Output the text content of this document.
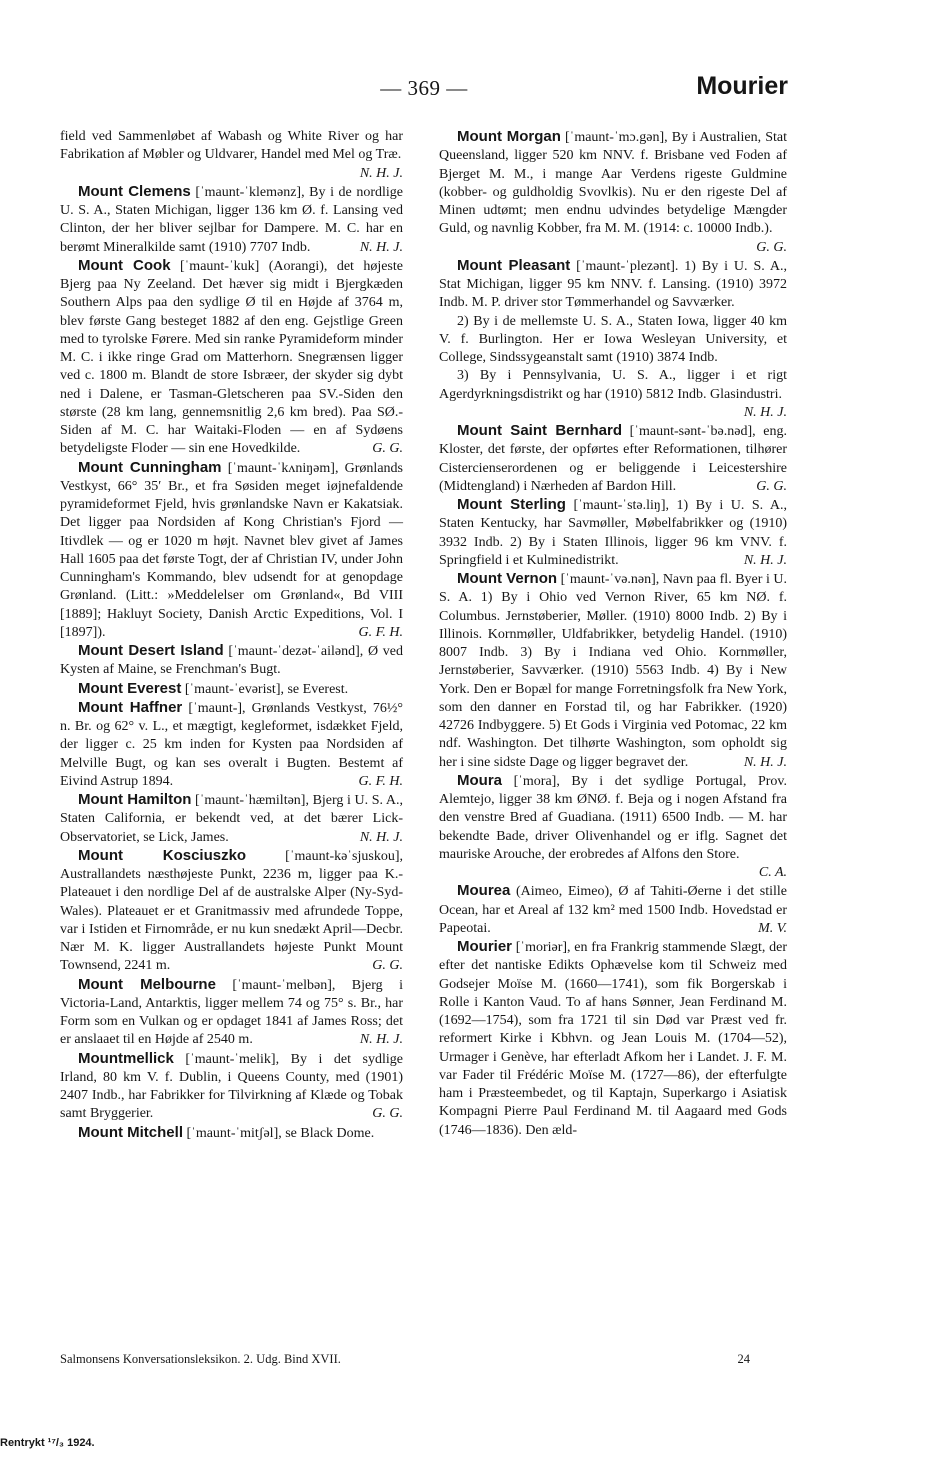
— 369 —	Mourier

field ved Sammenløbet af Wabash og White River og har Fabrikation af Møbler og Uldvarer, Handel med Mel og Træ.
N. H. J.

Mount Clemens [ˈmaunt-ˈklemənz], By i de nordlige U. S. A., Staten Michigan, ligger 136 km Ø. f. Lansing ved Clinton, der her bliver sejlbar for Dampere. M. C. har en berømt Mineralkilde samt (1910) 7707 Indb.	N. H. J.

Mount Cook [ˈmaunt-ˈkuk] (Aorangi), det højeste Bjerg paa Ny Zeeland. Det hæver sig midt i Bjergkæden Southern Alps paa den sydlige Ø til en Højde af 3764 m, blev første Gang besteget 1882 af den eng. Gejstlige Green med to tyrolske Førere. Med sin ranke Pyramideform minder M. C. i ikke ringe Grad om Matterhorn. Snegrænsen ligger ved c. 1800 m. Blandt de store Isbræer, der skyder sig dybt ned i Dalene, er Tasman-Gletscheren paa SV.-Siden den største (28 km lang, gennemsnitlig 2,6 km bred). Paa SØ.-Siden af M. C. har Waitaki-Floden — en af Sydøens betydeligste Floder — sin ene Hovedkilde.	G. G.

Mount Cunningham [ˈmaunt-ˈkʌniŋəm], Grønlands Vestkyst, 66° 35′ Br., et fra Søsiden meget iøjnefaldende pyramideformet Fjeld, hvis grønlandske Navn er Kakatsiak. Det ligger paa Nordsiden af Kong Christian's Fjord — Itivdlek — og er 1020 m højt. Navnet blev givet af James Hall 1605 paa det første Togt, der af Christian IV, under John Cunningham's Kommando, blev udsendt for at genopdage Grønland. (Litt.: »Meddelelser om Grønland«, Bd VIII [1889]; Hakluyt Society, Danish Arctic Expeditions, Vol. I [1897]).	G. F. H.

Mount Desert Island [ˈmaunt-ˈdezət-ˈailənd], Ø ved Kysten af Maine, se Frenchman's Bugt.

Mount Everest [ˈmaunt-ˈevərist], se Everest.

Mount Haffner [ˈmaunt-], Grønlands Vestkyst, 76½° n. Br. og 62° v. L., et mægtigt, kegleformet, isdækket Fjeld, der ligger c. 25 km inden for Kysten paa Nordsiden af Melville Bugt, og kan ses overalt i Bugten. Bestemt af Eivind Astrup 1894.	G. F. H.

Mount Hamilton [ˈmaunt-ˈhæmiltən], Bjerg i U. S. A., Staten California, er bekendt ved, at det bærer Lick-Observatoriet, se Lick, James.	N. H. J.

Mount Kosciuszko [ˈmaunt-kəˈsjuskou], Australlandets næsthøjeste Punkt, 2236 m, ligger paa K.-Plateauet i den nordlige Del af de australske Alper (Ny-Syd-Wales). Plateauet er et Granitmassiv med afrundede Toppe, var i Istiden et Firnområde, er nu kun snedækt April—Decbr. Nær M. K. ligger Australlandets højeste Punkt Mount Townsend, 2241 m.	G. G.

Mount Melbourne [ˈmaunt-ˈmelbən], Bjerg i Victoria-Land, Antarktis, ligger mellem 74 og 75° s. Br., har Form som en Vulkan og er opdaget 1841 af James Ross; det er anslaaet til en Højde af 2540 m.	N. H. J.

Mountmellick [ˈmaunt-ˈmelik], By i det sydlige Irland, 80 km V. f. Dublin, i Queens County, med (1901) 2407 Indb., har Fabrikker for Tilvirkning af Klæde og Tobak samt Bryggerier.	G. G.

Mount Mitchell [ˈmaunt-ˈmitʃəl], se Black Dome.

Mount Morgan [ˈmaunt-ˈmɔ.gən], By i Australien, Stat Queensland, ligger 520 km NNV. f. Brisbane ved Foden af Bjerget M. M., i mange Aar Verdens rigeste Guldmine (kobber- og guldholdig Svovlkis). Nu er den rigeste Del af Minen udtømt; men endnu udvindes betydelige Mængder Guld, og navnlig Kobber, fra M. M. (1914: c. 10000 Indb.).
G. G.

Mount Pleasant [ˈmaunt-ˈplezənt]. 1) By i U. S. A., Stat Michigan, ligger 95 km NNV. f. Lansing. (1910) 3972 Indb. M. P. driver stor Tømmerhandel og Savværker.

2) By i de mellemste U. S. A., Staten Iowa, ligger 40 km V. f. Burlington. Her er Iowa Wesleyan University, et College, Sindssygeanstalt samt (1910) 3874 Indb.

3) By i Pennsylvania, U. S. A., ligger i et rigt Agerdyrkningsdistrikt og har (1910) 5812 Indb. Glasindustri.
N. H. J.

Mount Saint Bernhard [ˈmaunt-sənt-ˈbə.nəd], eng. Kloster, det første, der opførtes efter Reformationen, tilhører Cistercienserordenen og er beliggende i Leicestershire (Midtengland) i Nærheden af Bardon Hill.	G. G.

Mount Sterling [ˈmaunt-ˈstə.liŋ], 1) By i U. S. A., Staten Kentucky, har Savmøller, Møbelfabrikker og (1910) 3932 Indb. 2) By i Staten Illinois, ligger 96 km VNV. f. Springfield i et Kulminedistrikt.	N. H. J.

Mount Vernon [ˈmaunt-ˈvə.nən], Navn paa fl. Byer i U. S. A. 1) By i Ohio ved Vernon River, 65 km NØ. f. Columbus. Jernstøberier, Møller. (1910) 8000 Indb. 2) By i Illinois. Kornmøller, Uldfabrikker, betydelig Handel. (1910) 8007 Indb. 3) By i Indiana ved Ohio. Kornmøller, Jernstøberier, Savværker. (1910) 5563 Indb. 4) By i New York. Den er Bopæl for mange Forretningsfolk fra New York, som den danner en Forstad til, og har Fabrikker. (1920) 42726 Indbyggere. 5) Et Gods i Virginia ved Potomac, 22 km ndf. Washington. Det tilhørte Washington, som opholdt sig her i sine sidste Dage og ligger begravet der.	N. H. J.

Moura [ˈmora], By i det sydlige Portugal, Prov. Alemtejo, ligger 38 km ØNØ. f. Beja og i nogen Afstand fra den venstre Bred af Guadiana. (1911) 6500 Indb. — M. har bekendte Bade, driver Olivenhandel og er iflg. Sagnet det mauriske Arouche, der erobredes af Alfons den Store.
C. A.

Mourea (Aimeo, Eimeo), Ø af Tahiti-Øerne i det stille Ocean, har et Areal af 132 km² med 1500 Indb. Hovedstad er Papeotai.	M. V.

Mourier [ˈmoriər], en fra Frankrig stammende Slægt, der efter det nantiske Edikts Ophævelse kom til Schweiz med Godsejer Moïse M. (1660—1741), som fik Borgerskab i Rolle i Kanton Vaud. To af hans Sønner, Jean Ferdinand M. (1692—1754), som fra 1721 til sin Død var Præst ved fr. reformert Kirke i Kbhvn. og Jean Louis M. (1704—52), Urmager i Genève, har efterladt Afkom her i Landet. J. F. M. var Fader til Frédéric Moïse M. (1727—86), der efterfulgte ham i Præsteembedet, og til Kaptajn, Superkargo i Asiatisk Kompagni Pierre Paul Ferdinand M. til Aagaard med Gods (1746—1836). Den æld-

Salmonsens Konversationsleksikon. 2. Udg. Bind XVII.	24
Rentrykt ¹⁷/₃ 1924.
